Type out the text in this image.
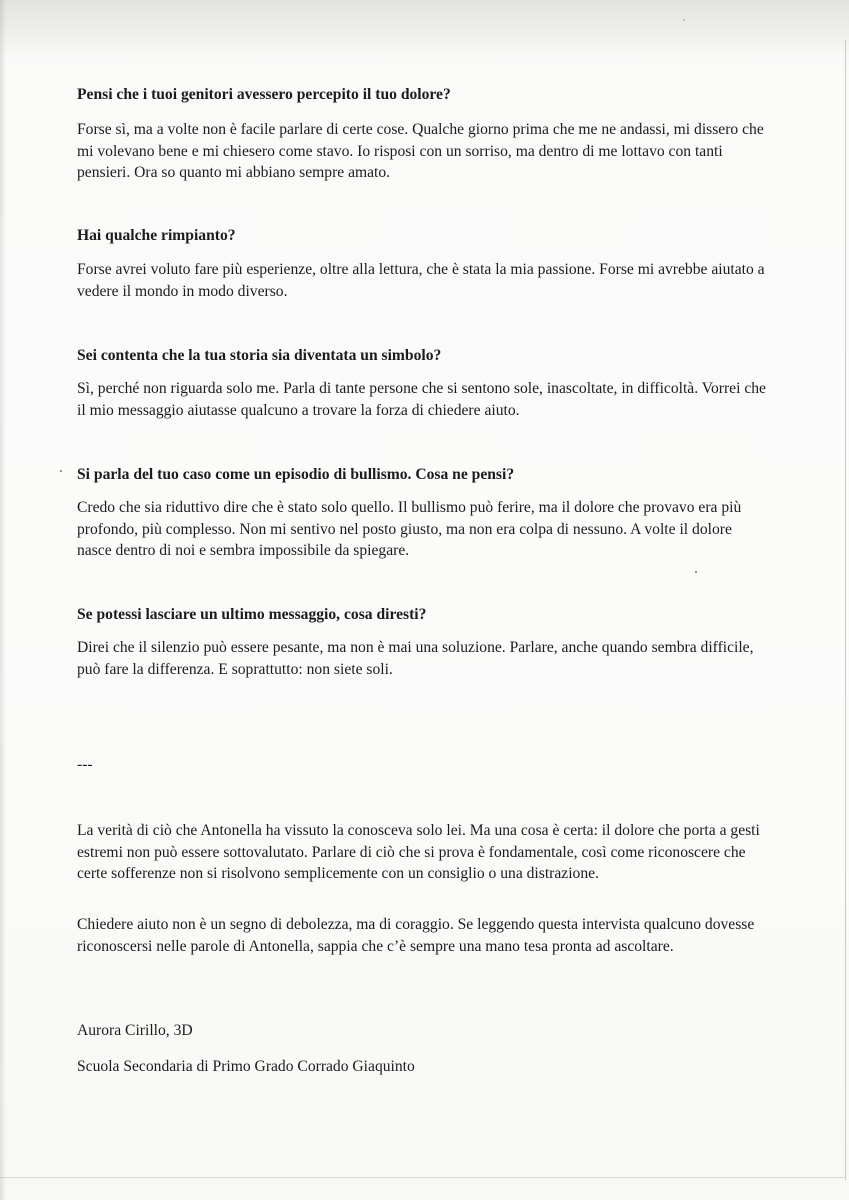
Pensi che i tuoi genitori avessero percepito il tuo dolore?

Forse sì, ma a volte non è facile parlare di certe cose. Qualche giorno prima che me ne andassi, mi dissero che mi volevano bene e mi chiesero come stavo. Io risposi con un sorriso, ma dentro di me lottavo con tanti pensieri. Ora so quanto mi abbiano sempre amato.

Hai qualche rimpianto?

Forse avrei voluto fare più esperienze, oltre alla lettura, che è stata la mia passione. Forse mi avrebbe aiutato a vedere il mondo in modo diverso.

Sei contenta che la tua storia sia diventata un simbolo?

Sì, perché non riguarda solo me. Parla di tante persone che si sentono sole, inascoltate, in difficoltà. Vorrei che il mio messaggio aiutasse qualcuno a trovare la forza di chiedere aiuto.

Si parla del tuo caso come un episodio di bullismo. Cosa ne pensi?

Credo che sia riduttivo dire che è stato solo quello. Il bullismo può ferire, ma il dolore che provavo era più profondo, più complesso. Non mi sentivo nel posto giusto, ma non era colpa di nessuno. A volte il dolore nasce dentro di noi e sembra impossibile da spiegare.

Se potessi lasciare un ultimo messaggio, cosa diresti?

Direi che il silenzio può essere pesante, ma non è mai una soluzione. Parlare, anche quando sembra difficile, può fare la differenza. E soprattutto: non siete soli.

---

La verità di ciò che Antonella ha vissuto la conosceva solo lei. Ma una cosa è certa: il dolore che porta a gesti estremi non può essere sottovalutato. Parlare di ciò che si prova è fondamentale, così come riconoscere che certe sofferenze non si risolvono semplicemente con un consiglio o una distrazione.

Chiedere aiuto non è un segno di debolezza, ma di coraggio. Se leggendo questa intervista qualcuno dovesse riconoscersi nelle parole di Antonella, sappia che c’è sempre una mano tesa pronta ad ascoltare.

Aurora Cirillo, 3D

Scuola Secondaria di Primo Grado Corrado Giaquinto
